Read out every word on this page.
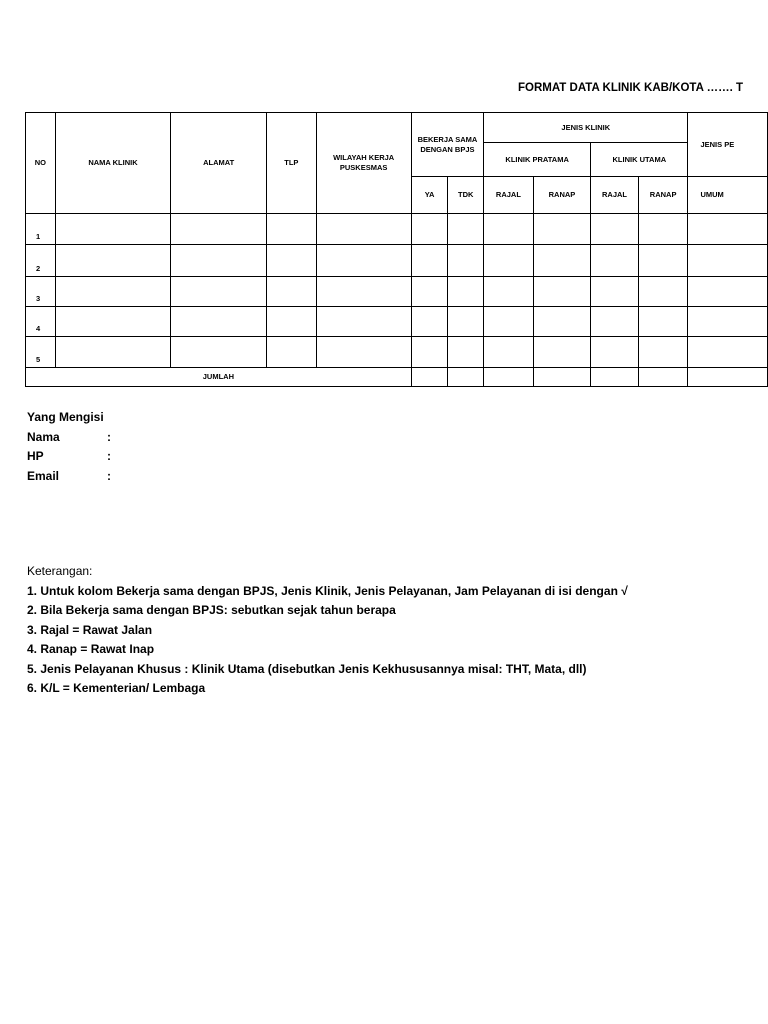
FORMAT DATA KLINIK KAB/KOTA ……. T
NO	NAMA KLINIK	ALAMAT	TLP	WILAYAH KERJA PUSKESMAS	BEKERJA SAMA DENGAN BPJS		JENIS KLINIK				JENIS PE
							KLINIK PRATAMA		KLINIK UTAMA		
					YA	TDK	RAJAL	RANAP	RAJAL	RANAP	UMUM
1											
2											
3											
4											
5											
JUMLAH											
Yang Mengisi
Nama	:
HP	:
Email	:
Keterangan:
1. Untuk kolom Bekerja sama dengan BPJS, Jenis Klinik, Jenis Pelayanan, Jam Pelayanan di isi dengan √
2. Bila Bekerja sama dengan BPJS: sebutkan sejak tahun berapa
3. Rajal = Rawat Jalan
4. Ranap = Rawat Inap
5. Jenis Pelayanan Khusus : Klinik Utama (disebutkan Jenis Kekhususannya misal: THT, Mata, dll)
6. K/L = Kementerian/ Lembaga
